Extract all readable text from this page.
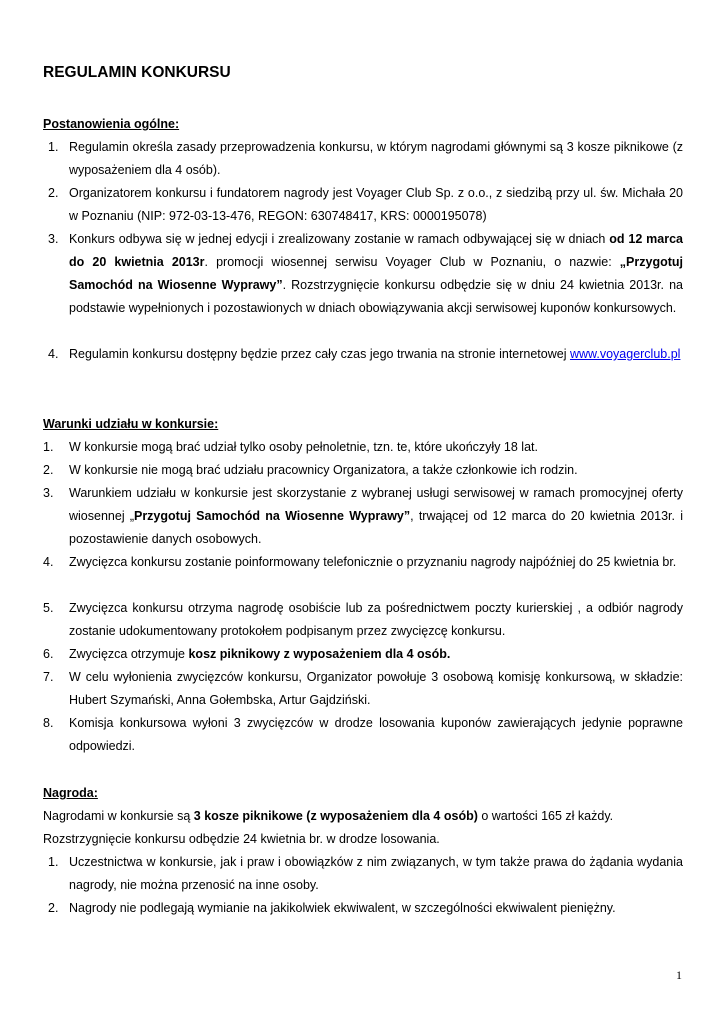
REGULAMIN KONKURSU
Postanowienia ogólne:
1. Regulamin określa zasady przeprowadzenia konkursu, w którym nagrodami głównymi są 3 kosze piknikowe (z wyposażeniem dla 4 osób).
2. Organizatorem konkursu i fundatorem nagrody jest Voyager Club Sp. z o.o., z siedzibą przy ul. św. Michała 20 w Poznaniu (NIP: 972-03-13-476, REGON: 630748417, KRS: 0000195078)
3. Konkurs odbywa się w jednej edycji i zrealizowany zostanie w ramach odbywającej się w dniach od 12 marca do 20 kwietnia 2013r. promocji wiosennej serwisu Voyager Club w Poznaniu, o nazwie: „Przygotuj Samochód na Wiosenne Wyprawy”. Rozstrzygnięcie konkursu odbędzie się w dniu 24 kwietnia 2013r. na podstawie wypełnionych i pozostawionych w dniach obowiązywania akcji serwisowej kuponów konkursowych.
4. Regulamin konkursu dostępny będzie przez cały czas jego trwania na stronie internetowej www.voyagerclub.pl
Warunki udziału w konkursie:
1. W konkursie mogą brać udział tylko osoby pełnoletnie, tzn. te, które ukończyły 18 lat.
2. W konkursie nie mogą brać udziału pracownicy Organizatora, a także członkowie ich rodzin.
3. Warunkiem udziału w konkursie jest skorzystanie z wybranej usługi serwisowej w ramach promocyjnej oferty wiosennej „Przygotuj Samochód na Wiosenne Wyprawy”, trwającej od 12 marca do 20 kwietnia 2013r. i pozostawienie danych osobowych.
4. Zwycięzca konkursu zostanie poinformowany telefonicznie o przyznaniu nagrody najpóźniej do 25 kwietnia br.
5. Zwycięzca konkursu otrzyma nagrodę osobiście lub za pośrednictwem poczty kurierskiej , a odbiór nagrody zostanie udokumentowany protokołem podpisanym przez zwycięzcę konkursu.
6. Zwycięzca otrzymuje kosz piknikowy z wyposażeniem dla 4 osób.
7. W celu wyłonienia zwycięzców konkursu, Organizator powołuje 3 osobową komisję konkursową, w składzie: Hubert Szymański, Anna Gołembska, Artur Gajdziński.
8. Komisja konkursowa wyłoni 3 zwycięzców w drodze losowania kuponów zawierających jedynie poprawne odpowiedzi.
Nagroda:
Nagrodami w konkursie są 3 kosze piknikowe (z wyposażeniem dla 4 osób) o wartości 165 zł każdy.
Rozstrzygnięcie konkursu odbędzie 24 kwietnia br. w drodze losowania.
1. Uczestnictwa w konkursie, jak i praw i obowiązków z nim związanych, w tym także prawa do żądania wydania nagrody, nie można przenosić na inne osoby.
2. Nagrody nie podlegają wymianie na jakikolwiek ekwiwalent, w szczególności ekwiwalent pieniężny.
1
